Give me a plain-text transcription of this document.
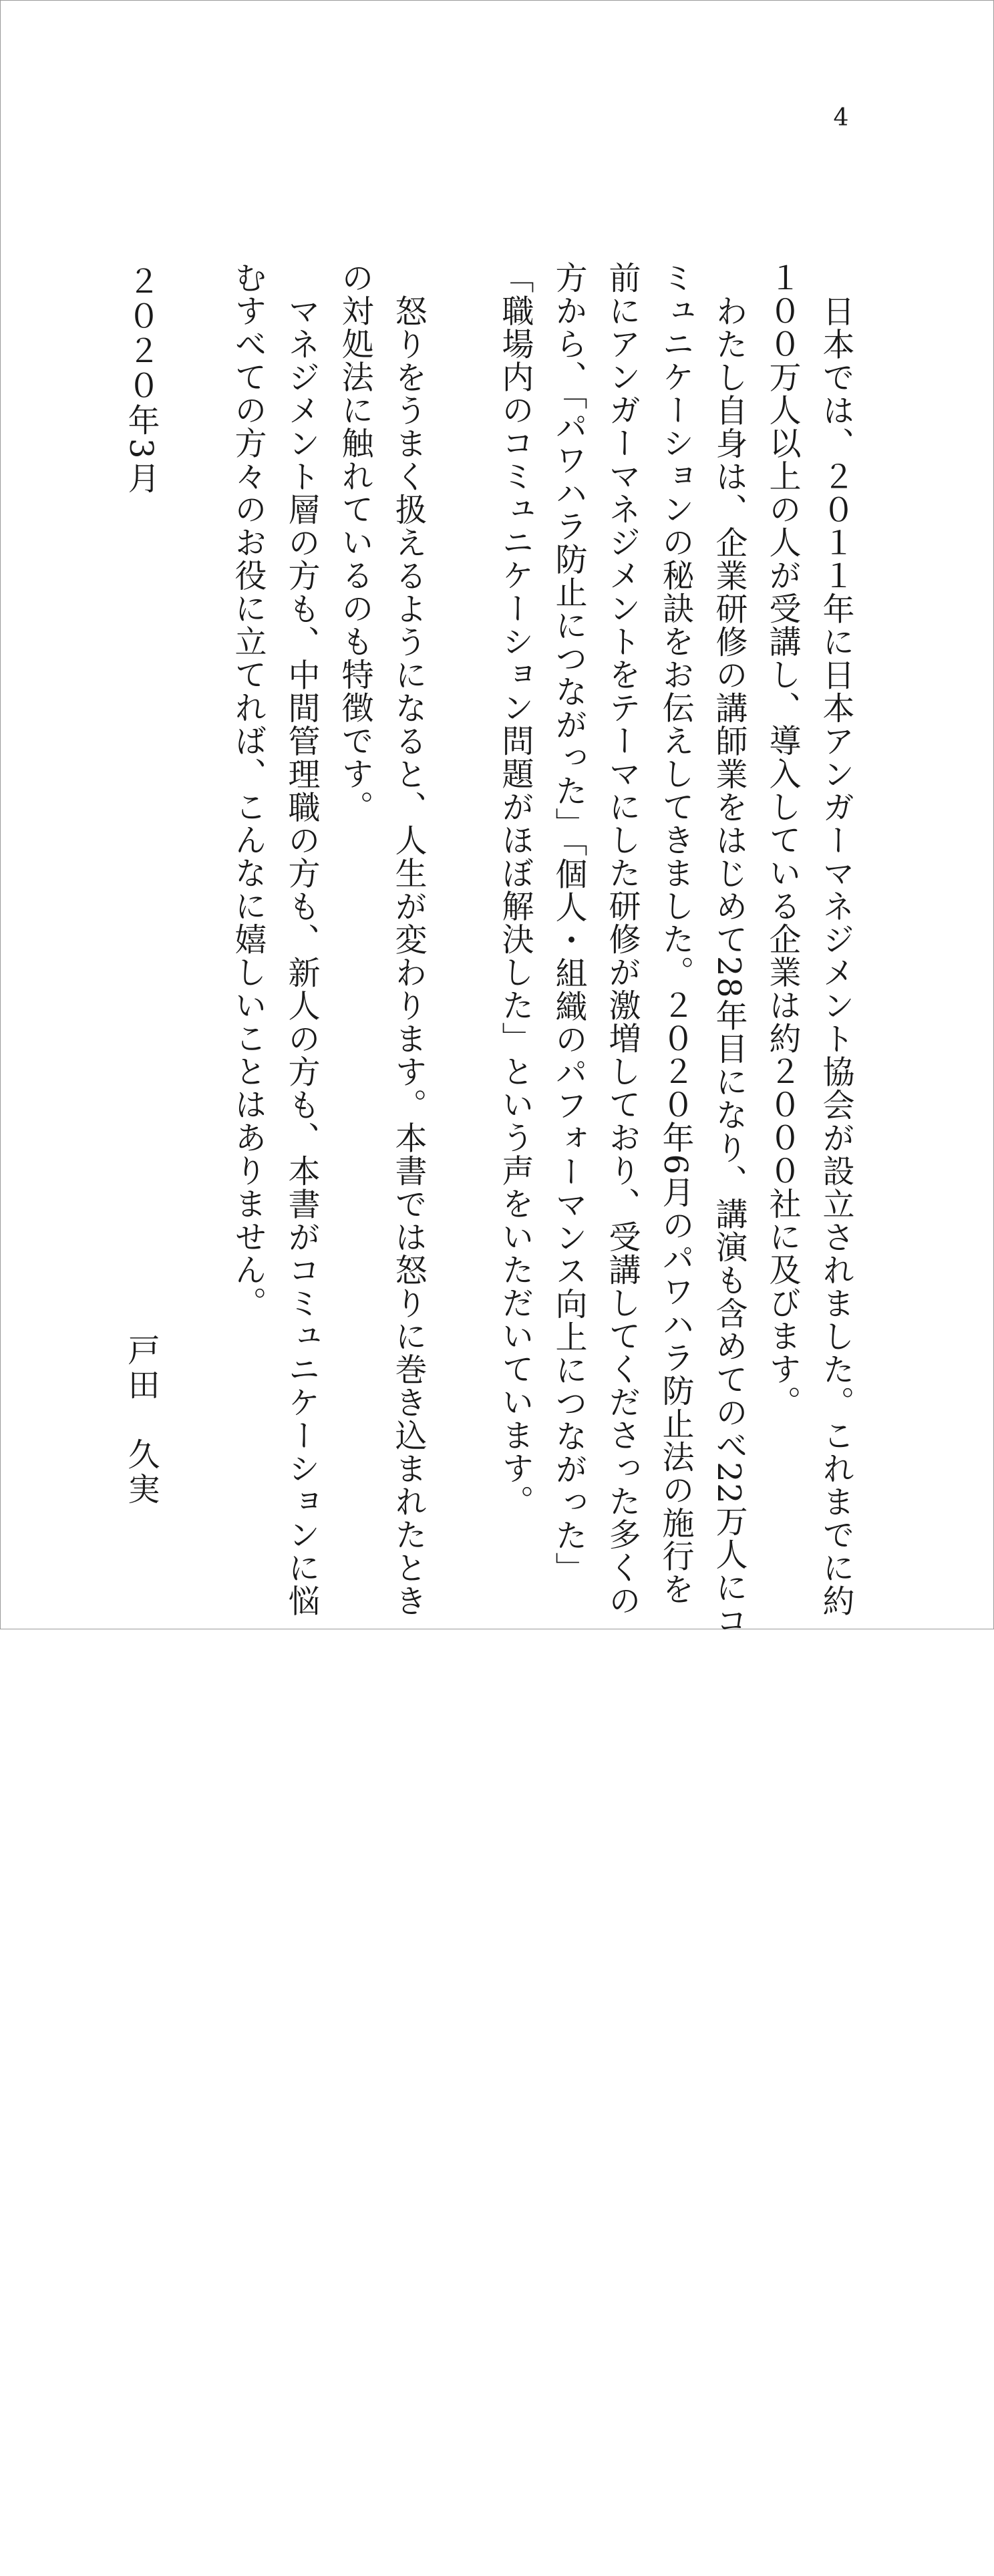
4
日本では、２０１１年に日本アンガーマネジメント協会が設立されました。これまでに約
１００万人以上の人が受講し、導入している企業は約２０００社に及びます。
わたし自身は、企業研修の講師業をはじめて28年目になり、講演も含めてのべ22万人にコ
ミュニケーションの秘訣をお伝えしてきました。２０２０年6月のパワハラ防止法の施行を
前にアンガーマネジメントをテーマにした研修が激増しており、受講してくださった多くの
方から、「パワハラ防止につながった」「個人・組織のパフォーマンス向上につながった」
「職場内のコミュニケーション問題がほぼ解決した」という声をいただいています。
怒りをうまく扱えるようになると、人生が変わります。本書では怒りに巻き込まれたとき
の対処法に触れているのも特徴です。
マネジメント層の方も、中間管理職の方も、新人の方も、本書がコミュニケーションに悩
むすべての方々のお役に立てれば、こんなに嬉しいことはありません。
２０２０年3月
戸田　久実
